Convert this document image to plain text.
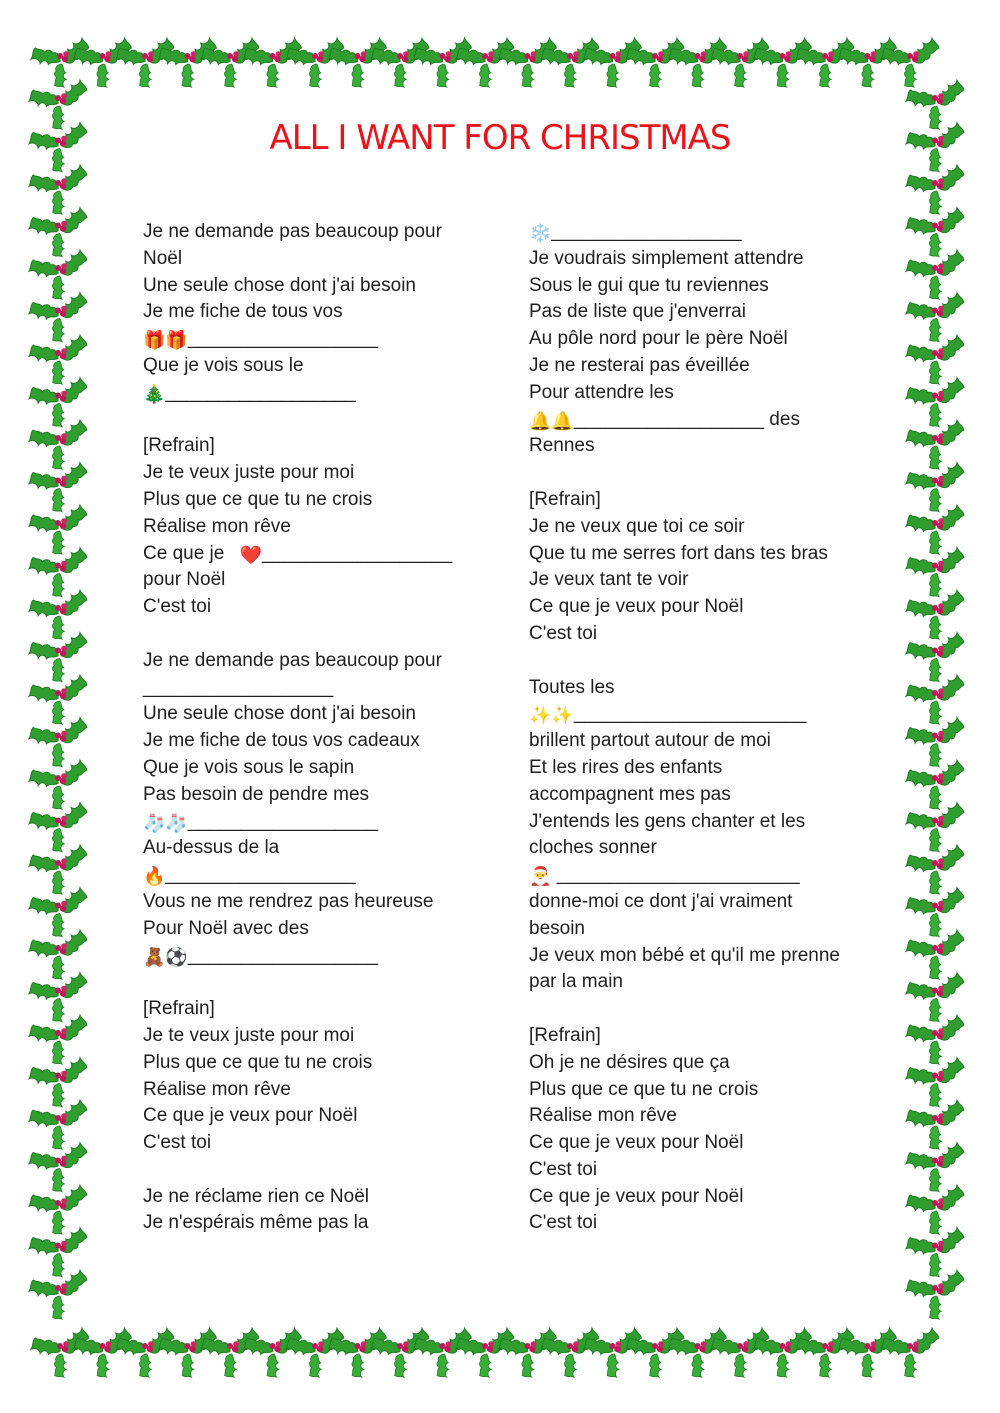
ALL I WANT FOR CHRISTMAS
Je ne demande pas beaucoup pour
Noël
Une seule chose dont j'ai besoin
Je me fiche de tous vos
🎁🎁__________________
Que je vois sous le
🎄__________________
[Refrain]
Je te veux juste pour moi
Plus que ce que tu ne crois
Réalise mon rêve
Ce que je ❤️__________________
pour Noël
C'est toi
Je ne demande pas beaucoup pour
__________________
Une seule chose dont j'ai besoin
Je me fiche de tous vos cadeaux
Que je vois sous le sapin
Pas besoin de pendre mes
🧦🧦__________________
Au-dessus de la
🔥__________________
Vous ne me rendrez pas heureuse
Pour Noël avec des
🧸⚽__________________
[Refrain]
Je te veux juste pour moi
Plus que ce que tu ne crois
Réalise mon rêve
Ce que je veux pour Noël
C'est toi
Je ne réclame rien ce Noël
Je n'espérais même pas la
❄️__________________
Je voudrais simplement attendre
Sous le gui que tu reviennes
Pas de liste que j'enverrai
Au pôle nord pour le père Noël
Je ne resterai pas éveillée
Pour attendre les
🔔🔔__________________ des
Rennes
[Refrain]
Je ne veux que toi ce soir
Que tu me serres fort dans tes bras
Je veux tant te voir
Ce que je veux pour Noël
C'est toi
Toutes les
✨✨______________________
brillent partout autour de moi
Et les rires des enfants
accompagnent mes pas
J'entends les gens chanter et les
cloches sonner
🎅 _______________________
donne-moi ce dont j'ai vraiment
besoin
Je veux mon bébé et qu'il me prenne
par la main
[Refrain]
Oh je ne désires que ça
Plus que ce que tu ne crois
Réalise mon rêve
Ce que je veux pour Noël
C'est toi
Ce que je veux pour Noël
C'est toi
